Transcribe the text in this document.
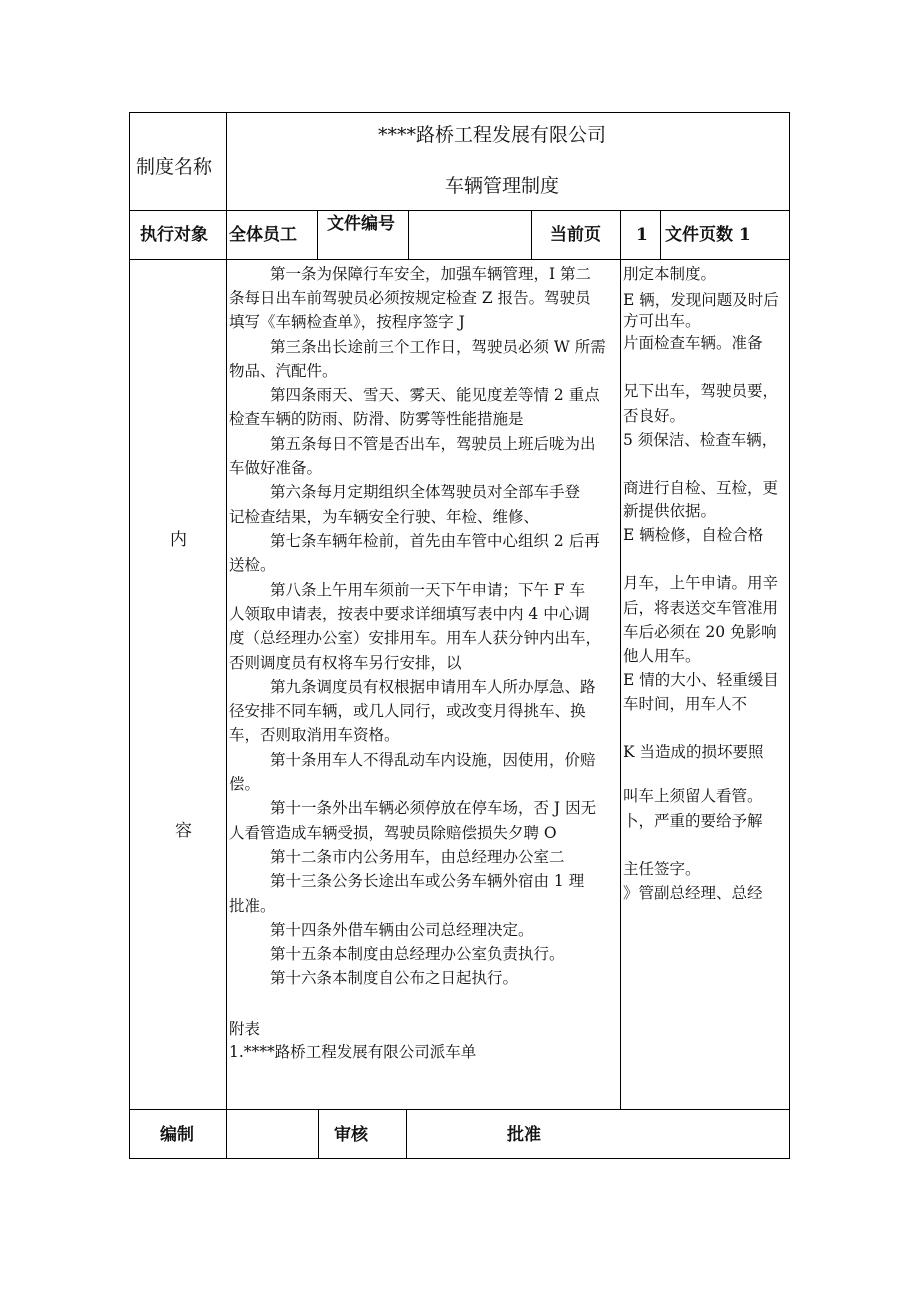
制度名称
****路桥工程发展有限公司
车辆管理制度
执行对象 全体员工
文件编号
当前页 1 文件页数 1
内
容
第一条为保障行车安全，加强车辆管理，I 第二
条每日出车前驾驶员必须按规定检查 Z 报告。驾驶员
填写《车辆检查单》，按程序签字 J
第三条出长途前三个工作日，驾驶员必须 W 所需
物品、汽配件。
第四条雨天、雪天、雾天、能见度差等情 2 重点
检查车辆的防雨、防滑、防雾等性能措施是
第五条每日不管是否出车，驾驶员上班后咙为出
车做好准备。
第六条每月定期组织全体驾驶员对全部车手登
记检查结果，为车辆安全行驶、年检、维修、
第七条车辆年检前，首先由车管中心组织 2 后再
送检。
第八条上午用车须前一天下午申请；下午 F 车
人领取申请表，按表中要求详细填写表中内 4 中心调
度（总经理办公室）安排用车。用车人获分钟内出车，
否则调度员有权将车另行安排，以
第九条调度员有权根据申请用车人所办厚急、路
径安排不同车辆，或几人同行，或改变月得挑车、换
车，否则取消用车资格。
第十条用车人不得乱动车内设施，因使用，价赔
偿。
第十一条外出车辆必须停放在停车场，否 J 因无
人看管造成车辆受损，驾驶员除赔偿损失夕聘 O
第十二条市内公务用车，由总经理办公室二
第十三条公务长途出车或公务车辆外宿由 1 理
批准。
第十四条外借车辆由公司总经理决定。
第十五条本制度由总经理办公室负责执行。
第十六条本制度自公布之日起执行。
附表
1.****路桥工程发展有限公司派车单
刖定本制度。
E 辆，发现问题及时后
方可出车。
片面检查车辆。准备
兄下出车，驾驶员要，
否良好。
5 须保洁、检查车辆，
商进行自检、互检，更
新提供依据。
E 辆检修，自检合格
月车，上午申请。用辛
后，将表送交车管准用
车后必须在 20 免影响
他人用车。
E 情的大小、轻重缓目
车时间，用车人不
K 当造成的损坏要照
叫车上须留人看管。
卜，严重的要给予解
主任签字。
》管副总经理、总经
编制	审核	批准
